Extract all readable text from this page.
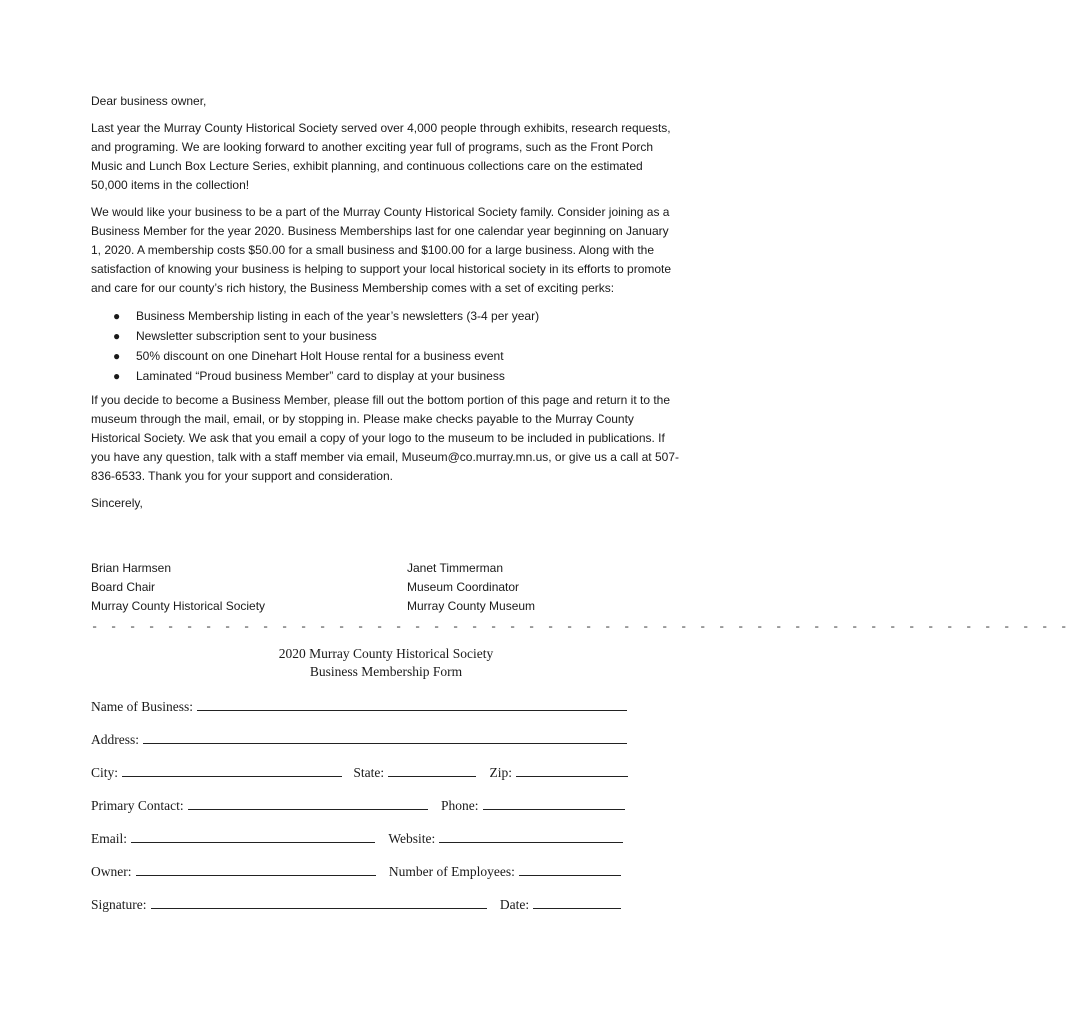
Dear business owner,

Last year the Murray County Historical Society served over 4,000 people through exhibits, research requests, and programing. We are looking forward to another exciting year full of programs, such as the Front Porch Music and Lunch Box Lecture Series, exhibit planning, and continuous collections care on the estimated 50,000 items in the collection!

We would like your business to be a part of the Murray County Historical Society family. Consider joining as a Business Member for the year 2020. Business Memberships last for one calendar year beginning on January 1, 2020. A membership costs $50.00 for a small business and $100.00 for a large business. Along with the satisfaction of knowing your business is helping to support your local historical society in its efforts to promote and care for our county’s rich history, the Business Membership comes with a set of exciting perks:

● Business Membership listing in each of the year’s newsletters (3-4 per year)
● Newsletter subscription sent to your business
● 50% discount on one Dinehart Holt House rental for a business event
● Laminated “Proud business Member” card to display at your business

If you decide to become a Business Member, please fill out the bottom portion of this page and return it to the museum through the mail, email, or by stopping in. Please make checks payable to the Murray County Historical Society. We ask that you email a copy of your logo to the museum to be included in publications. If you have any question, talk with a staff member via email, Museum@co.murray.mn.us, or give us a call at 507-836-6533. Thank you for your support and consideration.

Sincerely,

Brian Harmsen
Board Chair
Murray County Historical Society
Janet Timmerman
Museum Coordinator
Murray County Museum
- - - - - - - - - - - - - - - - - - - - - - - - - - - - - - - - - - - - - - - - - - - - - - - - - - - -
2020 Murray County Historical Society
Business Membership Form
Name of Business:
Address:
City:	State:	Zip:
Primary Contact:	Phone:
Email:	Website:
Owner:	Number of Employees:
Signature:	Date:
